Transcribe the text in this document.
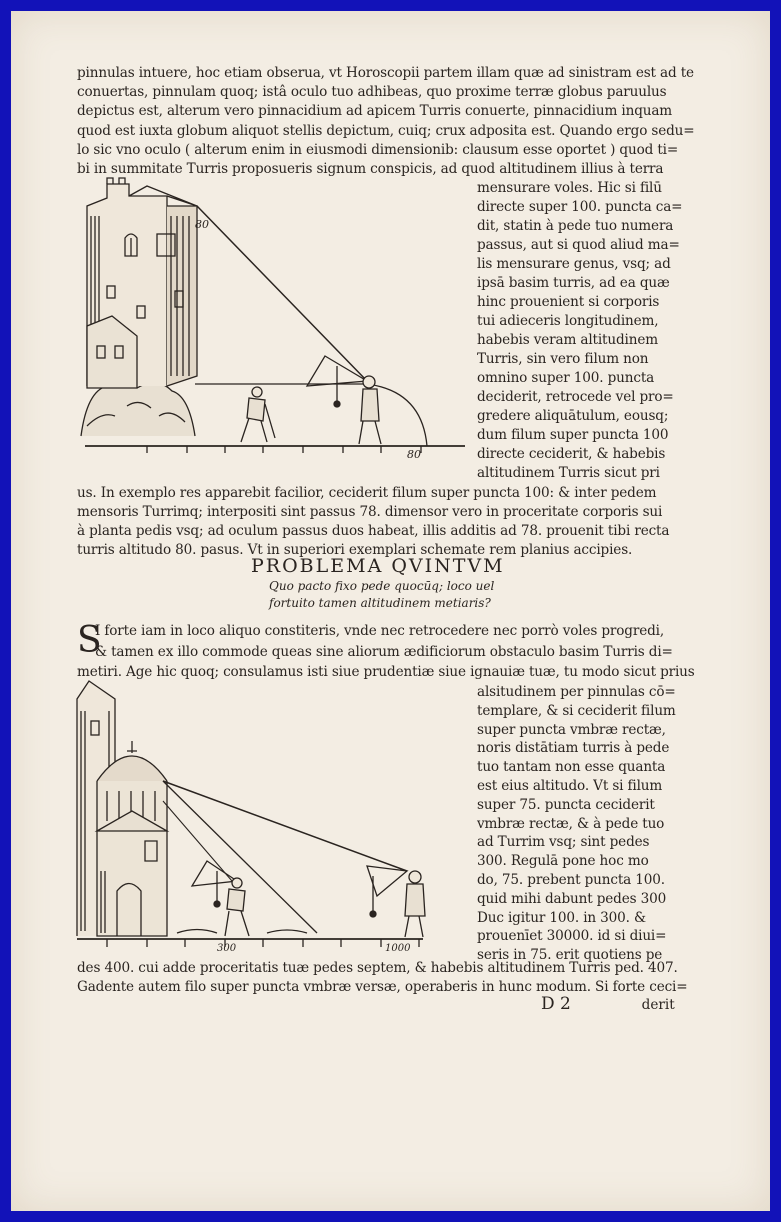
pinnulas intuere, hoc etiam obserua, vt Horoscopii partem illam quæ ad sinistram est ad te
conuertas, pinnulam quoq; istâ oculo tuo adhibeas, quo proxime terræ globus paruulus
depictus est, alterum vero pinnacidium ad apicem Turris conuerte, pinnacidium inquam
quod est iuxta globum aliquot stellis depictum, cuiq; crux adposita est. Quando ergo sedu=
lo sic vno oculo ( alterum enim in eiusmodi dimensionib: clausum esse oportet ) quod ti=
bi in summitate Turris proposueris signum conspicis, ad quod altitudinem illius à terra
80
80
mensurare voles. Hic si filū
directe super 100. puncta ca=
dit, statin à pede tuo numera
passus, aut si quod aliud ma=
lis mensurare genus, vsq; ad
ipsā basim turris, ad ea quæ
hinc prouenient si corporis
tui adieceris longitudinem,
habebis veram altitudinem
Turris, sin vero filum non
omnino super 100. puncta
deciderit, retrocede vel pro=
gredere aliquātulum, eousq;
dum filum super puncta 100
directe ceciderit, & habebis
altitudinem Turris sicut pri
us. In exemplo res apparebit facilior, ceciderit filum super puncta 100: & inter pedem
mensoris Turrimq; interpositi sint passus 78. dimensor vero in proceritate corporis sui
à planta pedis vsq; ad oculum passus duos habeat, illis additis ad 78. prouenit tibi recta
turris altitudo 80. pasus. Vt in superiori exemplari schemate rem planius accipies.
PROBLEMA QVINTVM
Quo pacto fixo pede quocūq; loco uel
fortuito tamen altitudinem metiaris?
S
I forte iam in loco aliquo constiteris, vnde nec retrocedere nec porrò voles progredi,
& tamen ex illo commode queas sine aliorum ædificiorum obstaculo basim Turris di=
metiri. Age hic quoq; consulamus isti siue prudentiæ siue ignauiæ tuæ, tu modo sicut prius
300	1000
alsitudinem per pinnulas cō=
templare, & si ceciderit filum
super puncta vmbræ rectæ,
noris distātiam turris à pede
tuo tantam non esse quanta
est eius altitudo. Vt si filum
super 75. puncta ceciderit
vmbræ rectæ, & à pede tuo
ad Turrim vsq; sint pedes
300. Regulā pone hoc mo
do, 75. prebent puncta 100.
quid mihi dabunt pedes 300
Duc igitur 100. in 300. &
prouenīet 30000. id si diui=
seris in 75. erit quotiens pe
des 400. cui adde proceritatis tuæ pedes septem, & habebis altitudinem Turris ped. 407.
Gadente autem filo super puncta vmbræ versæ, operaberis in hunc modum. Si forte ceci=
D 2	derit
